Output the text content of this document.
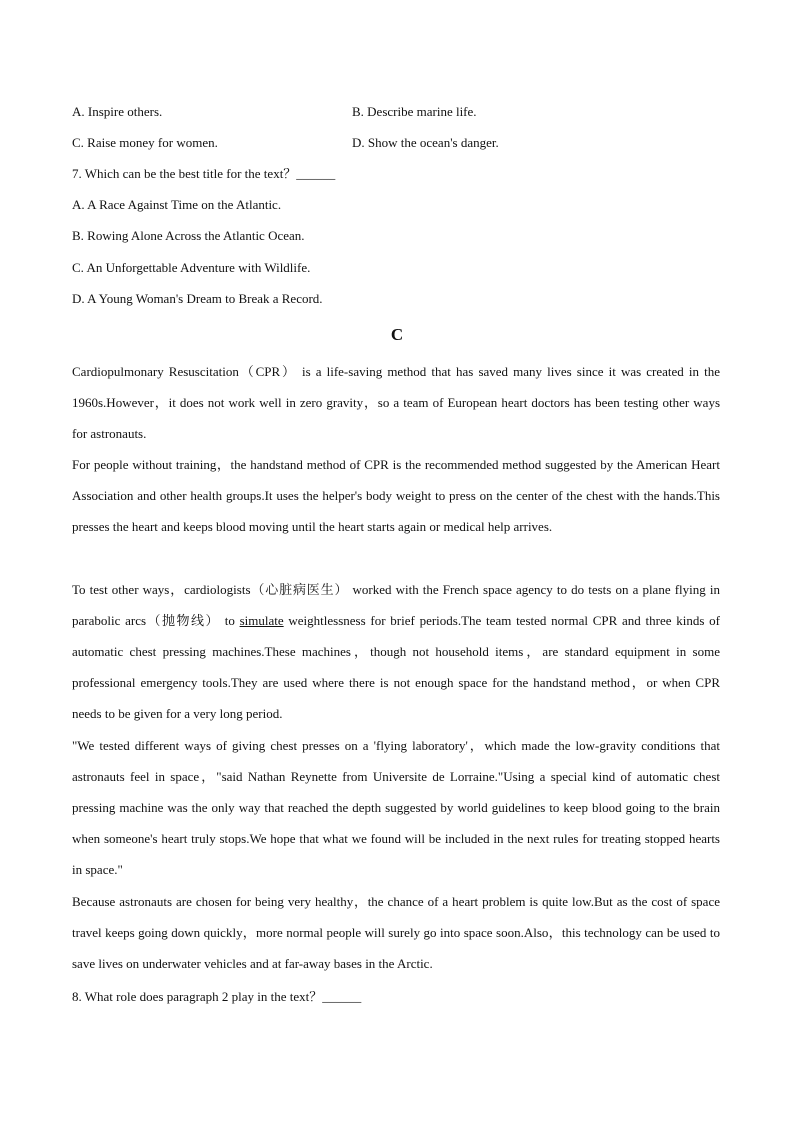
A. Inspire others.	B. Describe marine life.
C. Raise money for women.	D. Show the ocean's danger.
7. Which can be the best title for the text？______
A. A Race Against Time on the Atlantic.
B. Rowing Alone Across the Atlantic Ocean.
C. An Unforgettable Adventure with Wildlife.
D. A Young Woman's Dream to Break a Record.
C
Cardiopulmonary Resuscitation（CPR） is a life-saving method that has saved many lives since it was created in the 1960s.However，it does not work well in zero gravity，so a team of European heart doctors has been testing other ways for astronauts.
For people without training，the handstand method of CPR is the recommended method suggested by the American Heart Association and other health groups.It uses the helper's body weight to press on the center of the chest with the hands.This presses the heart and keeps blood moving until the heart starts again or medical help arrives.
To test other ways，cardiologists（心脏病医生） worked with the French space agency to do tests on a plane flying in parabolic arcs（抛物线） to simulate weightlessness for brief periods.The team tested normal CPR and three kinds of automatic chest pressing machines.These machines，though not household items，are standard equipment in some professional emergency tools.They are used where there is not enough space for the handstand method，or when CPR needs to be given for a very long period.
"We tested different ways of giving chest presses on a 'flying laboratory'，which made the low-gravity conditions that astronauts feel in space，"said Nathan Reynette from Universite de Lorraine."Using a special kind of automatic chest pressing machine was the only way that reached the depth suggested by world guidelines to keep blood going to the brain when someone's heart truly stops.We hope that what we found will be included in the next rules for treating stopped hearts in space."
Because astronauts are chosen for being very healthy，the chance of a heart problem is quite low.But as the cost of space travel keeps going down quickly，more normal people will surely go into space soon.Also，this technology can be used to save lives on underwater vehicles and at far-away bases in the Arctic.
8. What role does paragraph 2 play in the text？______
